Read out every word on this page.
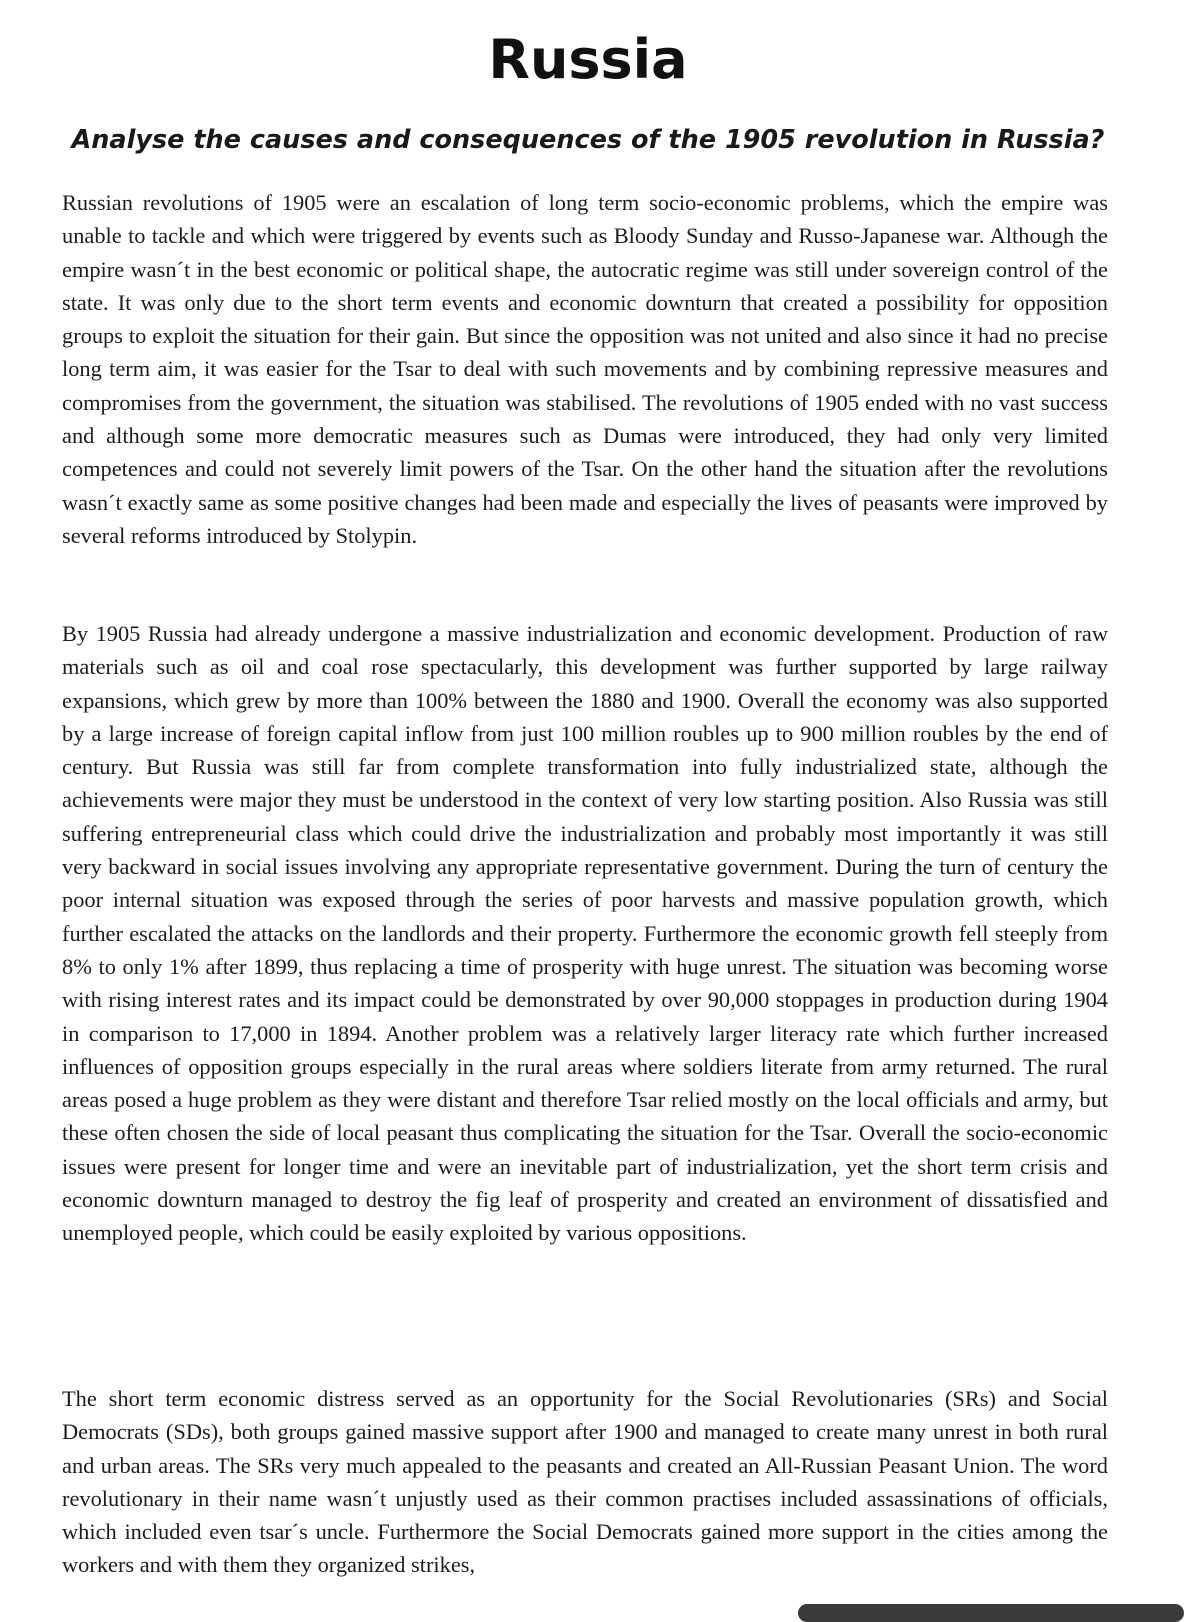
Russia
Analyse the causes and consequences of the 1905 revolution in Russia?

Russian revolutions of 1905 were an escalation of long term socio-economic problems, which the empire was unable to tackle and which were triggered by events such as Bloody Sunday and Russo-Japanese war. Although the empire wasn´t in the best economic or political shape, the autocratic regime was still under sovereign control of the state. It was only due to the short term events and economic downturn that created a possibility for opposition groups to exploit the situation for their gain. But since the opposition was not united and also since it had no precise long term aim, it was easier for the Tsar to deal with such movements and by combining repressive measures and compromises from the government, the situation was stabilised. The revolutions of 1905 ended with no vast success and although some more democratic measures such as Dumas were introduced, they had only very limited competences and could not severely limit powers of the Tsar. On the other hand the situation after the revolutions wasn´t exactly same as some positive changes had been made and especially the lives of peasants were improved by several reforms introduced by Stolypin.

By 1905 Russia had already undergone a massive industrialization and economic development. Production of raw materials such as oil and coal rose spectacularly, this development was further supported by large railway expansions, which grew by more than 100% between the 1880 and 1900. Overall the economy was also supported by a large increase of foreign capital inflow from just 100 million roubles up to 900 million roubles by the end of century. But Russia was still far from complete transformation into fully industrialized state, although the achievements were major they must be understood in the context of very low starting position. Also Russia was still suffering entrepreneurial class which could drive the industrialization and probably most importantly it was still very backward in social issues involving any appropriate representative government. During the turn of century the poor internal situation was exposed through the series of poor harvests and massive population growth, which further escalated the attacks on the landlords and their property. Furthermore the economic growth fell steeply from 8% to only 1% after 1899, thus replacing a time of prosperity with huge unrest. The situation was becoming worse with rising interest rates and its impact could be demonstrated by over 90,000 stoppages in production during 1904 in comparison to 17,000 in 1894. Another problem was a relatively larger literacy rate which further increased influences of opposition groups especially in the rural areas where soldiers literate from army returned. The rural areas posed a huge problem as they were distant and therefore Tsar relied mostly on the local officials and army, but these often chosen the side of local peasant thus complicating the situation for the Tsar. Overall the socio-economic issues were present for longer time and were an inevitable part of industrialization, yet the short term crisis and economic downturn managed to destroy the fig leaf of prosperity and created an environment of dissatisfied and unemployed people, which could be easily exploited by various oppositions.

The short term economic distress served as an opportunity for the Social Revolutionaries (SRs) and Social Democrats (SDs), both groups gained massive support after 1900 and managed to create many unrest in both rural and urban areas. The SRs very much appealed to the peasants and created an All-Russian Peasant Union. The word revolutionary in their name wasn´t unjustly used as their common practises included assassinations of officials, which included even tsar´s uncle. Furthermore the Social Democrats gained more support in the cities among the workers and with them they organized strikes,
